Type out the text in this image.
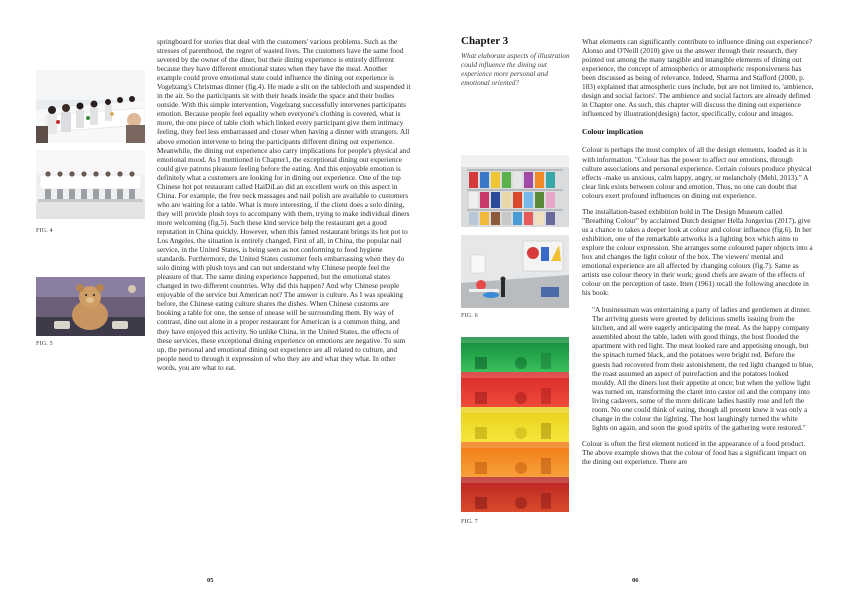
FIG. 4
FIG. 5

springboard for stories that deal with the customers' various problems. Such as the stresses of parenthood, the regret of wasted lives. The customers have the same food severed by the owner of the diner, but their dining experience is entirely different because they have different emotional states when they have the meal. Another example could prove emotional state could influence the dining out experience is Vogelzang's Christmas dinner (fig.4). He made a slit on the tablecloth and suspended it in the air. So the participants sit with their heads inside the space and their bodies outside. With this simple intervention, Vogelzang successfully intervenes participants emotion. Because people feel equality when everyone's clothing is covered, what is more, the one piece of table cloth which linked every participant give them intimacy feeling, they feel less embarrassed and closer when having a dinner with strangers. All above emotion intervene to bring the participants different dining out experience. Meanwhile, the dining out experience also carry implications for people's physical and emotional mood. As I mentioned in Chapter1, the exceptional dining out experience could give patrons pleasure feeling before the eating. And this enjoyable emotion is definitely what a customers are looking for in dining out experience. One of the top Chinese hot pot restaurant called HaiDiLao did an excellent work on this aspect in China. For example, the free neck massages and nail polish are available to customers who are waiting for a table. What is more interesting, if the client does a solo dining, they will provide plush toys to accompany with them, trying to make individual diners more welcoming (fig.5). Such these kind service help the restaurant get a good reputation in China quickly. However, when this famed restaurant brings its hot pot to Los Angeles, the situation is entirely changed. First of all, in China, the popular nail service, in the United States, is being seen as not conforming to food hygiene standards. Furthermore, the United States customer feels embarrassing when they do solo dining with plush toys and can not understand why Chinese people feel the pleasure of that. The same dining experience happened, but the emotional states changed in two different countries. Why did this happen? And why Chinese people enjoyable of the service but American not? The answer is culture. As I was speaking before, the Chinese eating culture shares the dishes. When Chinese customs are booking a table for one, the sense of unease will be surrounding them. By way of contrast, dine out alone in a proper restaurant for American is a common thing, and they have enjoyed this activity. So unlike China, in the United States, the effects of these services, these exceptional dining experience on emotions are negative. To sum up, the personal and emotional dining out experience are all related to culture, and people need to through it expression of who they are and what they what. In other words, you are what to eat.

05
Chapter 3
What elaborate aspects of illustration could influence the dining out experience more personal and emotional oriented?
FIG. 6
FIG. 7

What elements can significantly contribute to influence dining out experience? Alonso and O'Neill (2010) give us the answer through their research, they pointed out among the many tangible and intangible elements of dining out experience, the concept of atmospherics or atmospheric responsiveness has been discussed as being of relevance. Indeed, Sharma and Stafford (2000, p. 183) explained that atmospheric cues include, but are not limited to, 'ambience, design and social factors'. The ambience and social factors are already defined in Chapter one. As such, this chapter will discuss the dining out experience influenced by illustration(design) factor, specifically, colour and images.

Colour implication

Colour is perhaps the most complex of all the design elements, loaded as it is with information. "Colour has the power to affect our emotions, through culture associations and personal experience. Certain colours produce physical effects -make us anxious, calm happy, angry, or melancholy (Mehl, 2013)." A clear link exists between colour and emotion. Thus, no one can doubt that colours exert profound influences on dining out experience.

The installation-based exhibition hold in The Design Museum called "Breathing Colour" by acclaimed Dutch designer Hella Jongerius (2017), give us a chance to takes a deeper look at colour and colour influence (fig.6). In her exhibition, one of the remarkable artworks is a lighting box which aims to explore the colour expression. She arranges some coloured paper objects into a box and changes the light colour of the box. The viewers' mental and emotional experience are all affected by changing colours (fig.7). Same as artists use colour theory in their work; good chefs are aware of the effects of colour on the perception of taste. Itten (1961) recall the following anecdote in his book:

"A businessman was entertaining a party of ladies and gentlemen at dinner. The arriving guests were greeted by delicious smells issuing from the kitchen, and all were eagerly anticipating the meal. As the happy company assembled about the table, laden with good things, the host flooded the apartment with red light. The meat looked rare and appetising enough, but the spinach turned black, and the potatoes were bright red. Before the guests had recovered from their astonishment, the red light changed to blue, the roast assumed an aspect of putrefaction and the potatoes looked mouldy. All the diners lost their appetite at once; but when the yellow light was turned on, transforming the claret into castor oil and the company into living cadavers, some of the more delicate ladies hastily rose and left the room. No one could think of eating, though all present knew it was only a change in the colour the lighting. The host laughingly turned the white lights on again, and soon the good spirits of the gathering were restored."

Colour is often the first element noticed in the appearance of a food product. The above example shows that the colour of food has a significant impact on the dining out experience. There are

06
